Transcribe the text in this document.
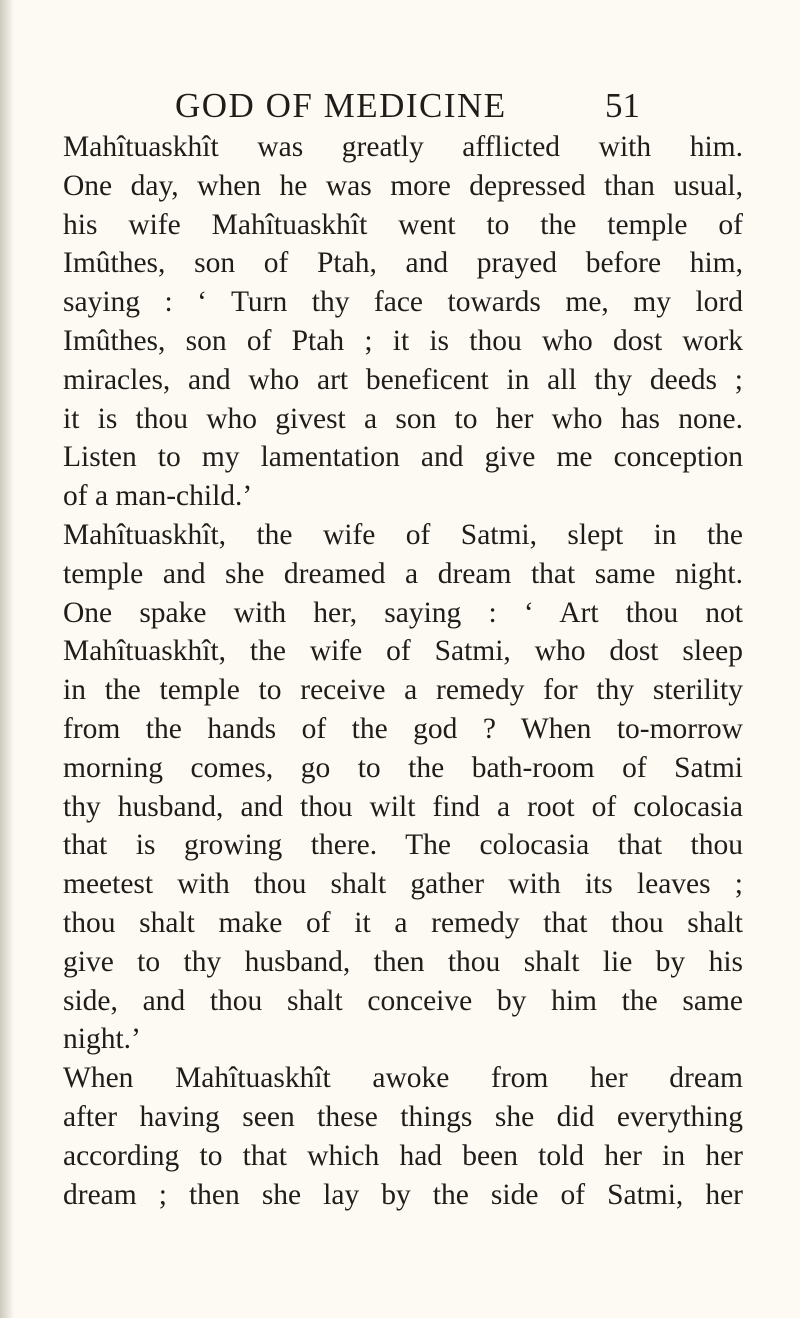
GOD OF MEDICINE	51
Mahîtuaskhît was greatly afflicted with him.
One day, when he was more depressed than usual,
his wife Mahîtuaskhît went to the temple of
Imûthes, son of Ptah, and prayed before him,
saying : ‘ Turn thy face towards me, my lord
Imûthes, son of Ptah ; it is thou who dost work
miracles, and who art beneficent in all thy deeds ;
it is thou who givest a son to her who has none.
Listen to my lamentation and give me conception
of a man-child.’
Mahîtuaskhît, the wife of Satmi, slept in the
temple and she dreamed a dream that same night.
One spake with her, saying : ‘ Art thou not
Mahîtuaskhît, the wife of Satmi, who dost sleep
in the temple to receive a remedy for thy sterility
from the hands of the god ? When to-morrow
morning comes, go to the bath-room of Satmi
thy husband, and thou wilt find a root of colocasia
that is growing there. The colocasia that thou
meetest with thou shalt gather with its leaves ;
thou shalt make of it a remedy that thou shalt
give to thy husband, then thou shalt lie by his
side, and thou shalt conceive by him the same
night.’
When Mahîtuaskhît awoke from her dream
after having seen these things she did everything
according to that which had been told her in her
dream ; then she lay by the side of Satmi, her
